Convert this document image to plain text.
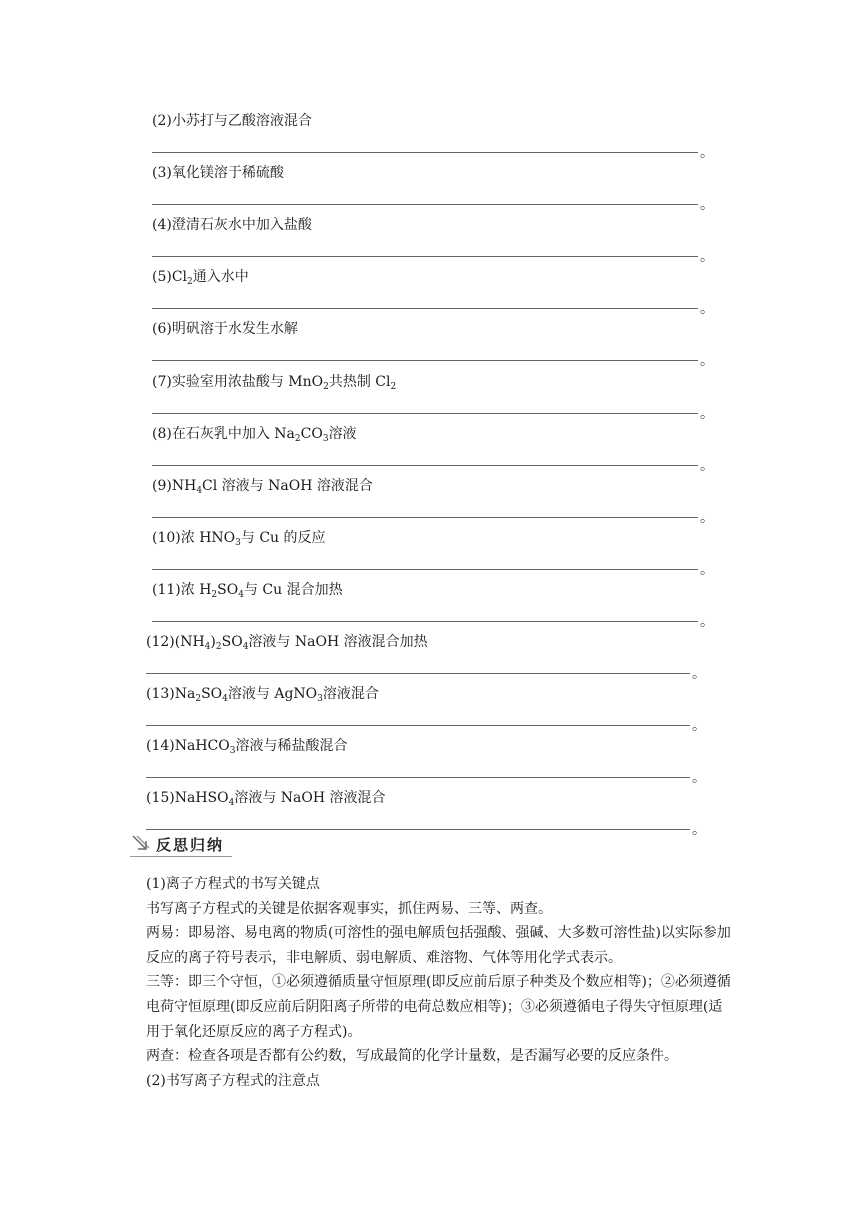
(2)小苏打与乙酸溶液混合
。
(3)氧化镁溶于稀硫酸
。
(4)澄清石灰水中加入盐酸
。
$(5)Cl_2$通入水中
。
(6)明矾溶于水发生水解
。
(7)实验室用浓盐酸与 MnO$_2$共热制 $Cl_2$
。
(8)在石灰乳中加入 $Na_2CO_3$溶液
。
$(9)NH_4Cl$ 溶液与 NaOH 溶液混合
。
(10)浓 $HNO_3$与 Cu 的反应
。
(11)浓 $H_2SO_4$与 Cu 混合加热
。
$(12)(NH_4)_2SO_4$溶液与 NaOH 溶液混合加热
。
$(13)Na_2SO_4$溶液与 AgNO$_3$溶液混合
。
(14)NaHCO$_3$溶液与稀盐酸混合
。
(15)NaHSO$_4$溶液与 NaOH 溶液混合
。
反思归纳

(1)离子方程式的书写关键点

书写离子方程式的关键是依据客观事实，抓住两易、三等、两查。

两易：即易溶、易电离的物质(可溶性的强电解质包括强酸、强碱、大多数可溶性盐)以实际参加反应的离子符号表示，非电解质、弱电解质、难溶物、气体等用化学式表示。

三等：即三个守恒，①必须遵循质量守恒原理(即反应前后原子种类及个数应相等)；②必须遵循电荷守恒原理(即反应前后阴阳离子所带的电荷总数应相等)；③必须遵循电子得失守恒原理(适用于氧化还原反应的离子方程式)。

两查：检查各项是否都有公约数，写成最简的化学计量数，是否漏写必要的反应条件。

(2)书写离子方程式的注意点
